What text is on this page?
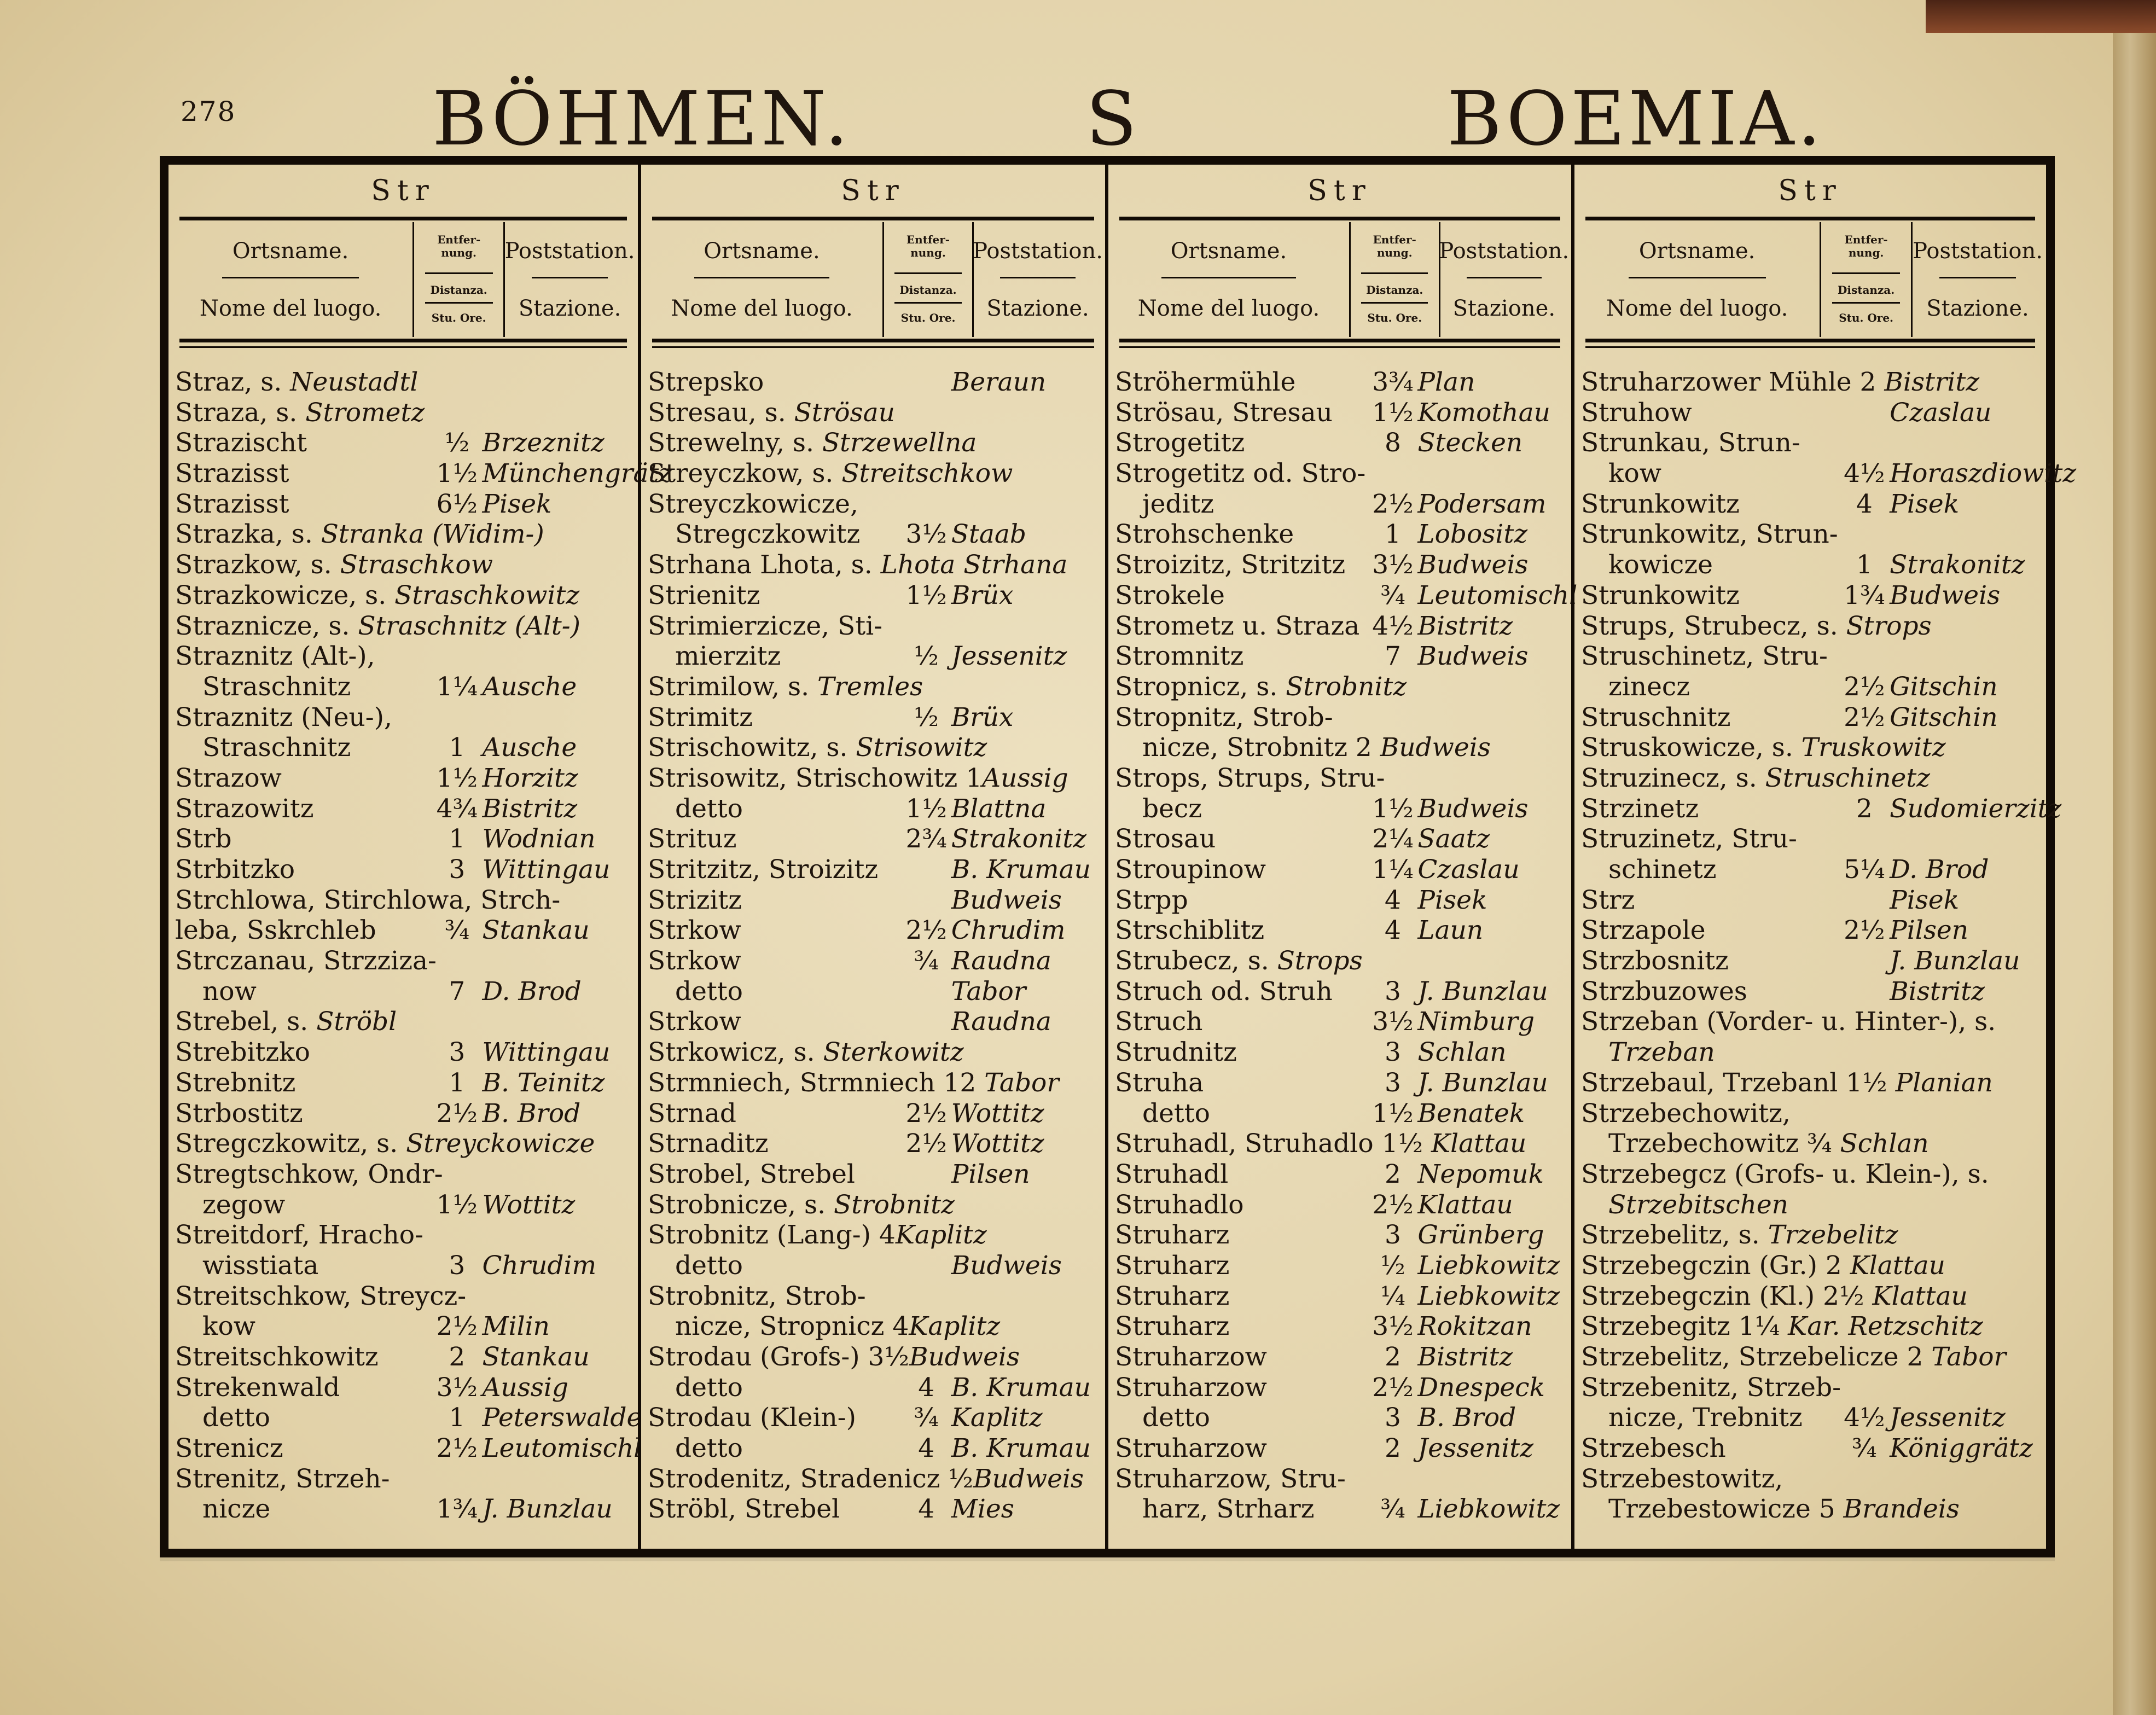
278	BÖHMEN.	S	BOEMIA.
Str
Ortsname.
Nome del luogo.
Entfer-
nung.
Distanza.
Stu. Ore.
Poststation.
Stazione.
Straz, s. Neustadtl
Straza, s. Strometz
Strazischt	½ Brzeznitz
Strazisst	1½ Münchengrätz
Strazisst	6½ Pisek
Strazka, s. Stranka (Widim-)
Strazkow, s. Straschkow
Strazkowicze, s. Straschkowitz
Straznicze, s. Straschnitz (Alt-)
Straznitz (Alt-),
Straschnitz	1¼ Ausche
Straznitz (Neu-),
Straschnitz	1 Ausche
Strazow	1½ Horzitz
Strazowitz	4¾ Bistritz
Strb	1 Wodnian
Strbitzko	3 Wittingau
Strchlowa, Stirchlowa, Strch-
leba, Sskrchleb	¾ Stankau
Strczanau, Strzziza-
now	7 D. Brod
Strebel, s. Ströbl
Strebitzko	3 Wittingau
Strebnitz	1 B. Teinitz
Strbostitz	2½ B. Brod
Stregczkowitz, s. Streyckowicze
Stregtschkow, Ondr-
zegow	1½ Wottitz
Streitdorf, Hracho-
wisstiata	3 Chrudim
Streitschkow, Streycz-
kow	2½ Milin
Streitschkowitz	2 Stankau
Strekenwald	3½ Aussig
detto	1 Peterswalde
Strenicz	2½ Leutomischl
Strenitz, Strzeh-
nicze	1¾ J. Bunzlau
Str
Ortsname.
Nome del luogo.
Entfer-
nung.
Distanza.
Stu. Ore.
Poststation.
Stazione.
Strepsko	Beraun
Stresau, s. Strösau
Strewelny, s. Strzewellna
Streyczkow, s. Streitschkow
Streyczkowicze,
Stregczkowitz 3½ Staab
Strhana Lhota, s. Lhota Strhana
Strienitz	1½ Brüx
Strimierzicze, Sti-
mierzitz	½ Jessenitz
Strimilow, s. Tremles
Strimitz	½ Brüx
Strischowitz, s. Strisowitz
Strisowitz, Strischowitz 1Aussig
detto	1½ Blattna
Strituz	2¾ Strakonitz
Stritzitz, Stroizitz	B. Krumau
Strizitz	Budweis
Strkow	2½ Chrudim
Strkow	¾ Raudna
detto	Tabor
Strkow	Raudna
Strkowicz, s. Sterkowitz
Strmniech, Strmniech 12 Tabor
Strnad	2½ Wottitz
Strnaditz	2½ Wottitz
Strobel, Strebel	Pilsen
Strobnicze, s. Strobnitz
Strobnitz (Lang-) 4Kaplitz
detto	Budweis
Strobnitz, Strob-
nicze, Stropnicz 4Kaplitz
Strodau (Grofs-) 3½Budweis
detto	4 B. Krumau
Strodau (Klein-)	¾ Kaplitz
detto	4 B. Krumau
Strodenitz, Stradenicz ½Budweis
Ströbl, Strebel	4 Mies
Str
Ortsname.
Nome del luogo.
Entfer-
nung.
Distanza.
Stu. Ore.
Poststation.
Stazione.
Ströhermühle	3¾ Plan
Strösau, Stresau 1½ Komothau
Strogetitz	8 Stecken
Strogetitz od. Stro-
jeditz	2½ Podersam
Strohschenke	1 Lobositz
Stroizitz, Stritzitz 3½ Budweis
Strokele	¾ Leutomischl
Strometz u. Straza 4½ Bistritz
Stromnitz	7 Budweis
Stropnicz, s. Strobnitz
Stropnitz, Strob-
nicze, Strobnitz 2 Budweis
Strops, Strups, Stru-
becz	1½ Budweis
Strosau	2¼ Saatz
Stroupinow	1¼ Czaslau
Strpp	4 Pisek
Strschiblitz	4 Laun
Strubecz, s. Strops
Struch od. Struh	3 J. Bunzlau
Struch	3½ Nimburg
Strudnitz	3 Schlan
Struha	3 J. Bunzlau
detto	1½ Benatek
Struhadl, Struhadlo 1½ Klattau
Struhadl	2 Nepomuk
Struhadlo	2½ Klattau
Struharz	3 Grünberg
Struharz	½ Liebkowitz
Struharz	¼ Liebkowitz
Struharz	3½ Rokitzan
Struharzow	2 Bistritz
Struharzow	2½ Dnespeck
detto	3 B. Brod
Struharzow	2 Jessenitz
Struharzow, Stru-
harz, Strharz	¾ Liebkowitz
Str
Ortsname.
Nome del luogo.
Entfer-
nung.
Distanza.
Stu. Ore.
Poststation.
Stazione.
Struharzower Mühle 2 Bistritz
Struhow	Czaslau
Strunkau, Strun-
kow	4½ Horaszdiowitz
Strunkowitz	4 Pisek
Strunkowitz, Strun-
kowicze	1 Strakonitz
Strunkowitz	1¾ Budweis
Strups, Strubecz, s. Strops
Struschinetz, Stru-
zinecz	2½ Gitschin
Struschnitz	2½ Gitschin
Struskowicze, s. Truskowitz
Struzinecz, s. Struschinetz
Strzinetz	2 Sudomierzitz
Struzinetz, Stru-
schinetz	5¼ D. Brod
Strz	Pisek
Strzapole	2½ Pilsen
Strzbosnitz	J. Bunzlau
Strzbuzowes	Bistritz
Strzeban (Vorder- u. Hinter-), s.
Trzeban
Strzebaul, Trzebanl 1½ Planian
Strzebechowitz,
Trzebechowitz ¾ Schlan
Strzebegcz (Grofs- u. Klein-), s.
Strzebitschen
Strzebelitz, s. Trzebelitz
Strzebegczin (Gr.) 2 Klattau
Strzebegczin (Kl.) 2½ Klattau
Strzebegitz 1¼ Kar. Retzschitz
Strzebelitz, Strzebelicze 2 Tabor
Strzebenitz, Strzeb-
nicze, Trebnitz 4½ Jessenitz
Strzebesch	¾ Königgrätz
Strzebestowitz,
Trzebestowicze 5 Brandeis
